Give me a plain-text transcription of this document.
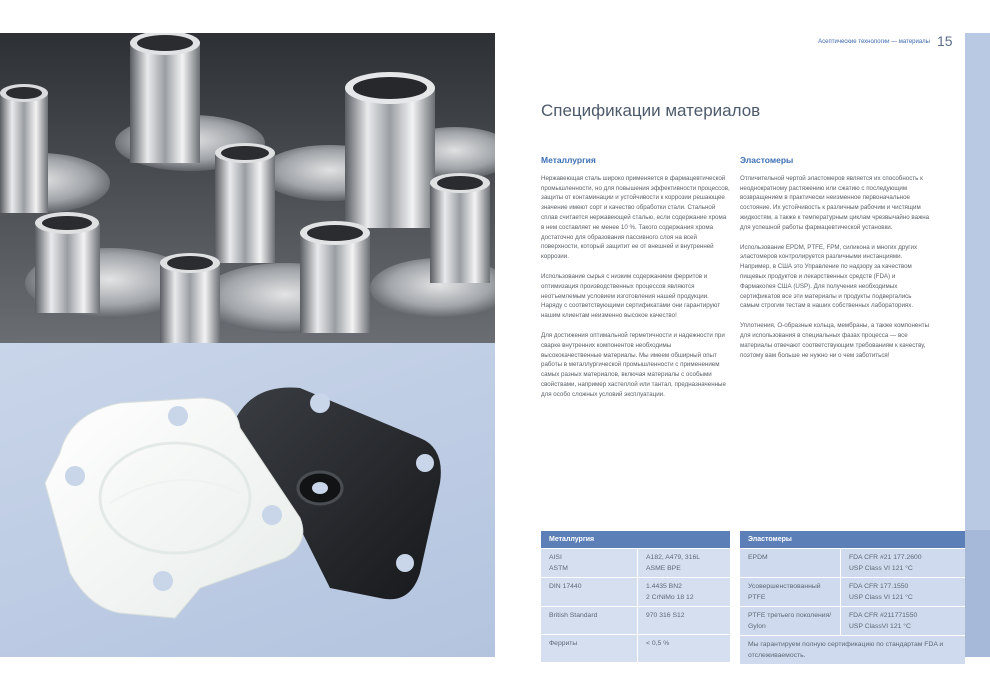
Асептические технологии — материалы 15
Спецификации материалов
Металлургия

Нержавеющая сталь широко применяется в фармацевтической промышленности, но для повышения эффективности процессов, защиты от контаминации и устойчивости к коррозии решающее значение имеют сорт и качество обработки стали. Стальной сплав считается нержавеющей сталью, если содержание хрома в нем составляет не менее 10 %. Такого содержания хрома достаточно для образования пассивного слоя на всей поверхности, который защитит ее от внешней и внутренней коррозии.

Использование сырья с низким содержанием ферритов и оптимизация производственных процессов являются неотъемлемым условием изготовления нашей продукции. Наряду с соответствующими сертификатами они гарантируют нашим клиентам неизменно высокое качество!

Для достижения оптимальной герметичности и надежности при сварке внутренних компонентов необходимы высококачественные материалы. Мы имеем обширный опыт работы в металлургической промышленности с применением самых разных материалов, включая материалы с особыми свойствами, например хастеллой или тантал, предназначенные для особо сложных условий эксплуатации.

Эластомеры

Отличительной чертой эластомеров является их способность к неоднократному растяжению или сжатию с последующим возвращением в практически неизменное первоначальное состояние. Их устойчивость к различным рабочим и чистящим жидкостям, а также к температурным циклам чрезвычайно важна для успешной работы фармацевтической установки.

Использование EPDM, PTFE, FPM, силикона и многих других эластомеров контролируется различными инстанциями. Например, в США это Управление по надзору за качеством пищевых продуктов и лекарственных средств (FDA) и Фармакопея США (USP). Для получения необходимых сертификатов все эти материалы и продукты подвергались самым строгим тестам в наших собственных лабораториях.

Уплотнения, О-образные кольца, мембраны, а также компоненты для использования в специальных фазах процесса — все материалы отвечают соответствующим требованиям к качеству, поэтому вам больше не нужно ни о чем заботиться!

Металлургия	
AISI
ASTM	A182, A479, 316L
ASME BPE
DIN 17440	1.4435 BN2
2 CrNiMo 18 12
British Standard	970 316 S12
Ферриты	< 0,5 %
Эластомеры	
EPDM	FDA CFR #21 177.2600
USP Class VI 121 °C
Усовершенствованный
PTFE	FDA CFR 177.1550
USP Class VI 121 °C
PTFE третьего поколения/
Gylon	FDA CFR #211771550
USP ClassVI 121 °C
Мы гарантируем полную сертификацию по стандартам FDA и отслеживаемость.	
